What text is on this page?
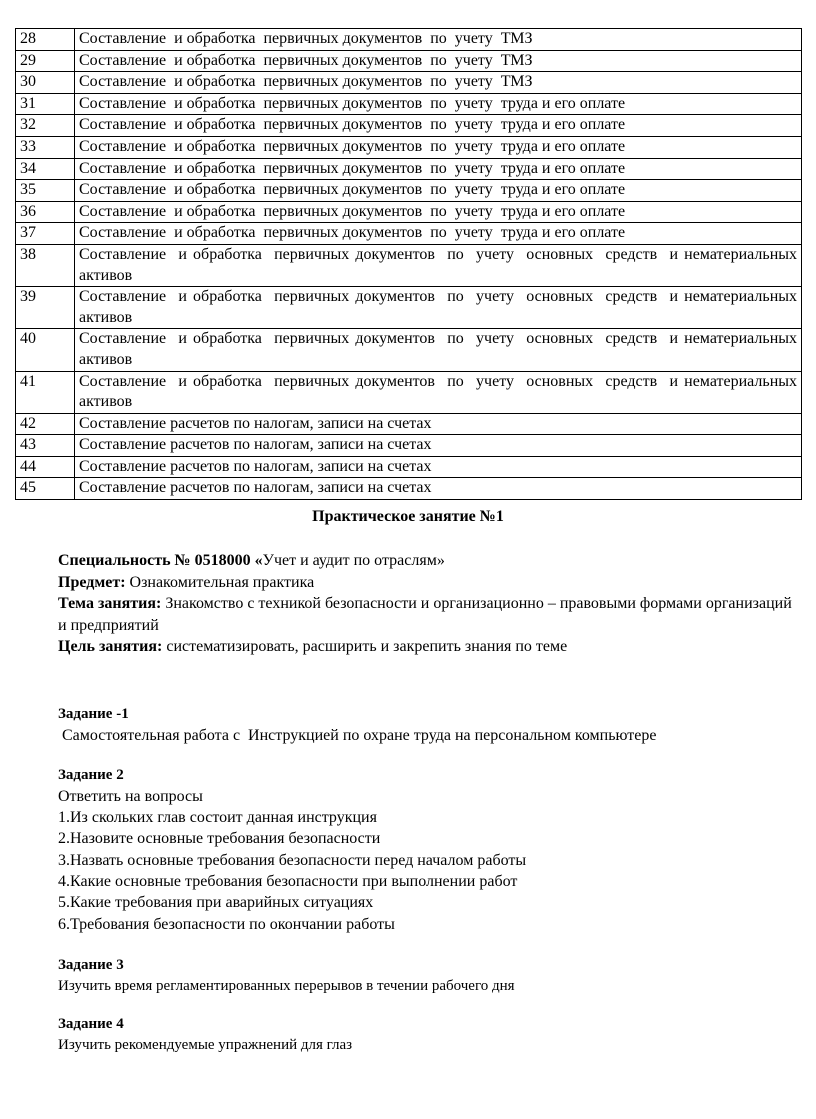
28	Составление  и обработка  первичных документов  по  учету  ТМЗ
29	Составление  и обработка  первичных документов  по  учету  ТМЗ
30	Составление  и обработка  первичных документов  по  учету  ТМЗ
31	Составление  и обработка  первичных документов  по  учету  труда и его оплате
32	Составление  и обработка  первичных документов  по  учету  труда и его оплате
33	Составление  и обработка  первичных документов  по  учету  труда и его оплате
34	Составление  и обработка  первичных документов  по  учету  труда и его оплате
35	Составление  и обработка  первичных документов  по  учету  труда и его оплате
36	Составление  и обработка  первичных документов  по  учету  труда и его оплате
37	Составление  и обработка  первичных документов  по  учету  труда и его оплате
38	Составление  и обработка  первичных документов  по  учету  основных  средств  и нематериальных активов
39	Составление  и обработка  первичных документов  по  учету  основных  средств  и нематериальных активов
40	Составление  и обработка  первичных документов  по  учету  основных  средств  и нематериальных активов
41	Составление  и обработка  первичных документов  по  учету  основных  средств  и нематериальных активов
42	Составление расчетов по налогам, записи на счетах
43	Составление расчетов по налогам, записи на счетах
44	Составление расчетов по налогам, записи на счетах
45	Составление расчетов по налогам, записи на счетах

Практическое занятие №1

Специальность № 0518000 «Учет и аудит по отраслям»

Предмет: Ознакомительная практика

Тема занятия: Знакомство с техникой безопасности и организационно – правовыми формами организаций и предприятий

Цель занятия: систематизировать, расширить и закрепить знания по теме

Задание -1

Самостоятельная работа с  Инструкцией по охране труда на персональном компьютере

Задание 2

Ответить на вопросы

1.Из скольких глав состоит данная инструкция

2.Назовите основные требования безопасности

3.Назвать основные требования безопасности перед началом работы

4.Какие основные требования безопасности при выполнении работ

5.Какие требования при аварийных ситуациях

6.Требования безопасности по окончании работы

Задание 3

Изучить время регламентированных перерывов в течении рабочего дня

Задание 4

Изучить рекомендуемые упражнений для глаз
